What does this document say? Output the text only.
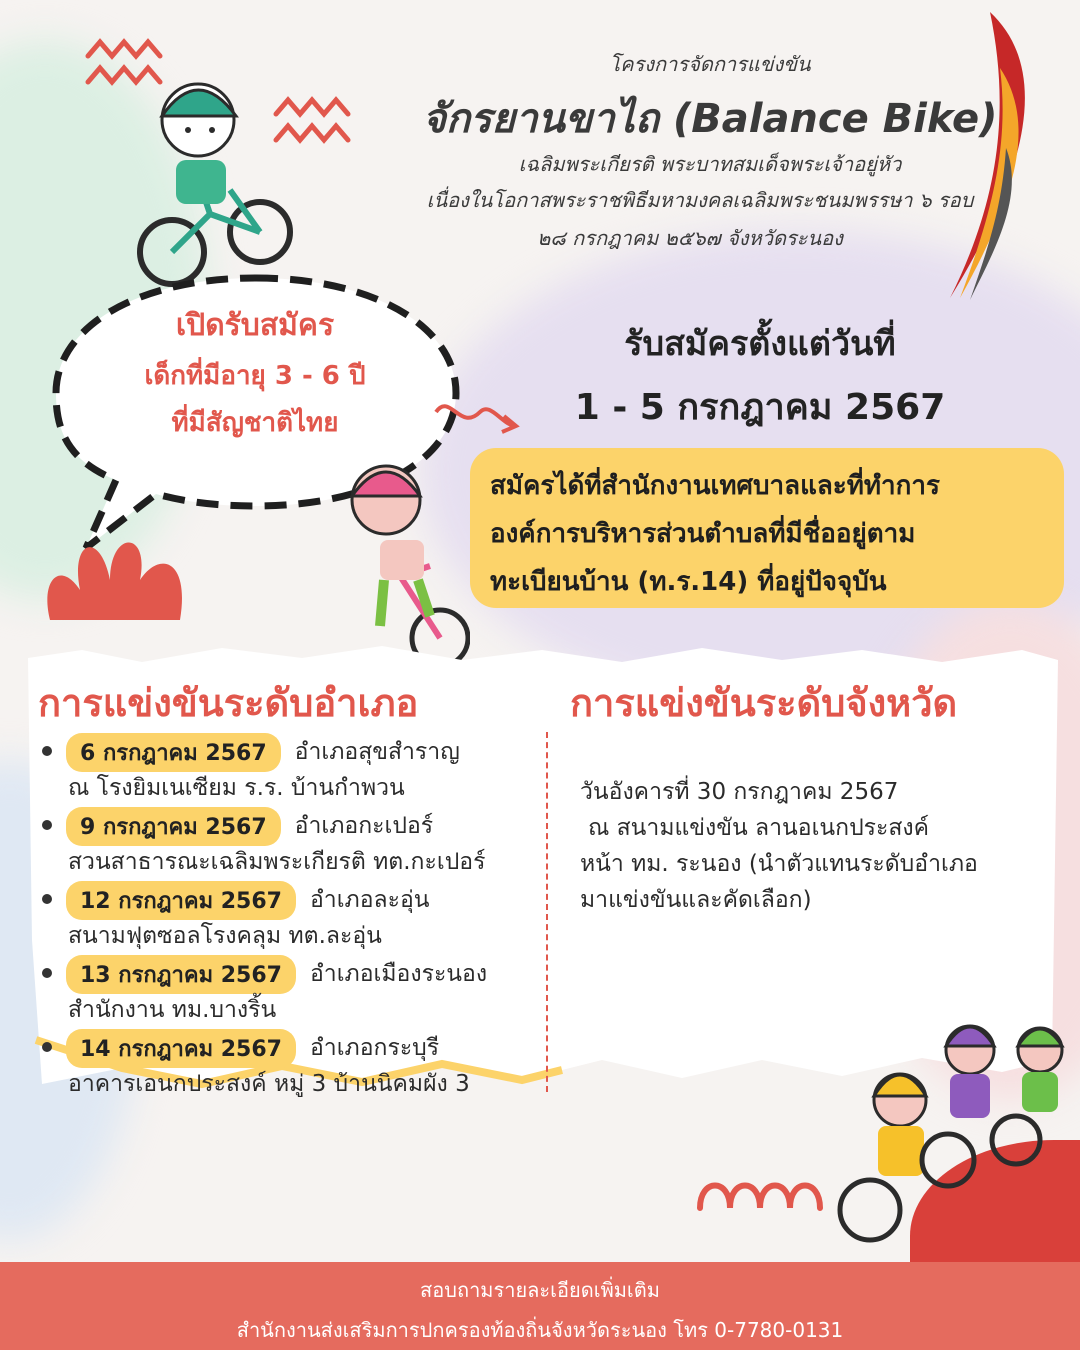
โครงการจัดการแข่งขัน
จักรยานขาไถ (Balance Bike)
เฉลิมพระเกียรติ พระบาทสมเด็จพระเจ้าอยู่หัว
เนื่องในโอกาสพระราชพิธีมหามงคลเฉลิมพระชนมพรรษา ๖ รอบ
๒๘ กรกฎาคม ๒๕๖๗ จังหวัดระนอง
เปิดรับสมัคร
เด็กที่มีอายุ 3 - 6 ปี
ที่มีสัญชาติไทย
รับสมัครตั้งแต่วันที่
1 - 5 กรกฎาคม 2567
สมัครได้ที่สำนักงานเทศบาลและที่ทำการ
องค์การบริหารส่วนตำบลที่มีชื่ออยู่ตาม
ทะเบียนบ้าน (ท.ร.14) ที่อยู่ปัจจุบัน
การแข่งขันระดับอำเภอ
6 กรกฎาคม 2567	อำเภอสุขสำราญ
ณ โรงยิมเนเซียม ร.ร. บ้านกำพวน
9 กรกฎาคม 2567	อำเภอกะเปอร์
สวนสาธารณะเฉลิมพระเกียรติ ทต.กะเปอร์
12 กรกฎาคม 2567	อำเภอละอุ่น
สนามฟุตซอลโรงคลุม ทต.ละอุ่น
13 กรกฎาคม 2567	อำเภอเมืองระนอง
สำนักงาน ทม.บางริ้น
14 กรกฎาคม 2567	อำเภอกระบุรี
อาคารเอนกประสงค์ หมู่ 3 บ้านนิคมผัง 3
การแข่งขันระดับจังหวัด
วันอังคารที่ 30 กรกฎาคม 2567
ณ สนามแข่งขัน ลานอเนกประสงค์
หน้า ทม. ระนอง (นำตัวแทนระดับอำเภอ
มาแข่งขันและคัดเลือก)
สอบถามรายละเอียดเพิ่มเติม
สำนักงานส่งเสริมการปกครองท้องถิ่นจังหวัดระนอง โทร 0-7780-0131
